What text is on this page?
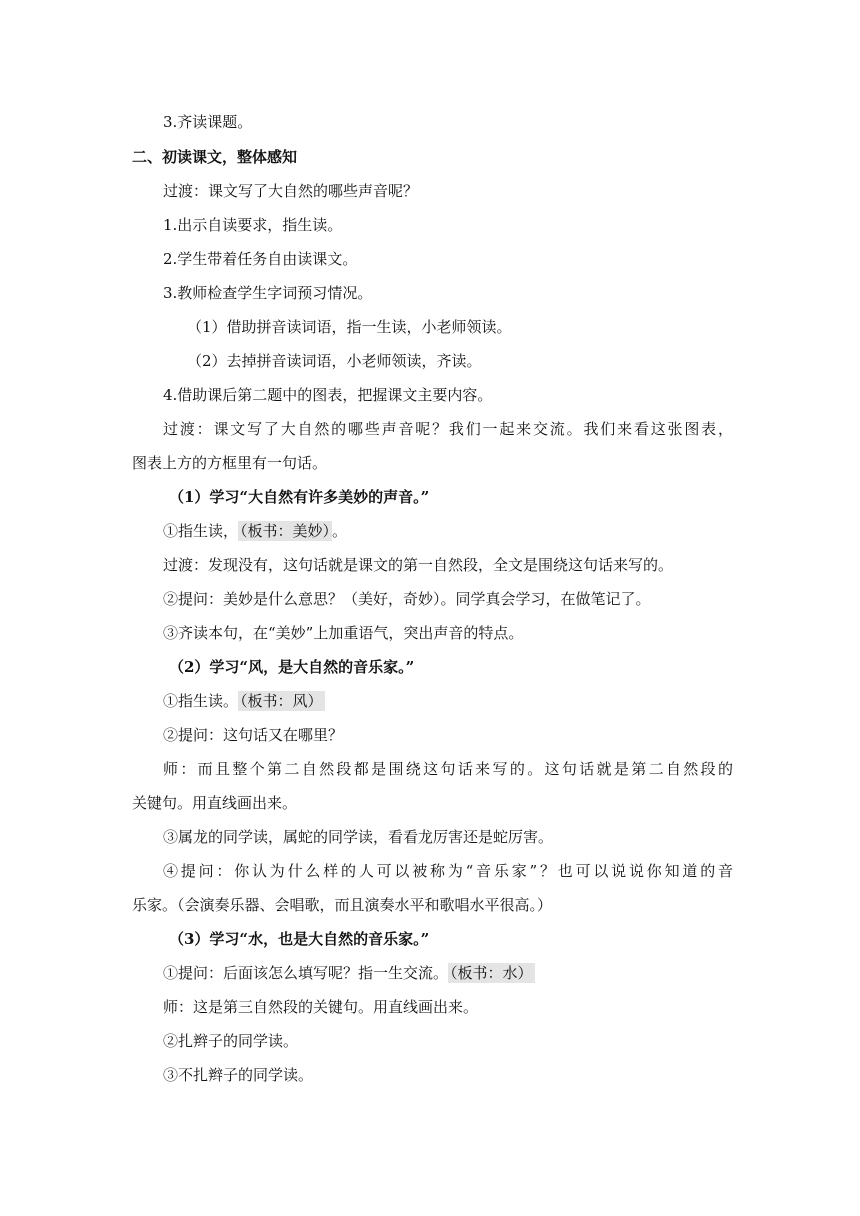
3.齐读课题。
二、初读课文，整体感知
过渡：课文写了大自然的哪些声音呢？
1.出示自读要求，指生读。
2.学生带着任务自由读课文。
3.教师检查学生字词预习情况。
（1）借助拼音读词语，指一生读，小老师领读。
（2）去掉拼音读词语，小老师领读，齐读。
4.借助课后第二题中的图表，把握课文主要内容。
过渡：课文写了大自然的哪些声音呢？我们一起来交流。我们来看这张图表，
图表上方的方框里有一句话。
（1）学习“大自然有许多美妙的声音。”
①指生读， （板书：美妙） 。
过渡：发现没有，这句话就是课文的第一自然段，全文是围绕这句话来写的。
②提问：美妙是什么意思？（美好，奇妙）。同学真会学习，在做笔记了。
③齐读本句，在“美妙”上加重语气，突出声音的特点。
（2）学习“风，是大自然的音乐家。”
①指生读。 （板书：风）
②提问：这句话又在哪里？
师：而且整个第二自然段都是围绕这句话来写的。这句话就是第二自然段的
关键句。用直线画出来。
③属龙的同学读，属蛇的同学读，看看龙厉害还是蛇厉害。
④提问：你认为什么样的人可以被称为“音乐家”？也可以说说你知道的音
乐家。（会演奏乐器、会唱歌，而且演奏水平和歌唱水平很高。）
（3）学习“水，也是大自然的音乐家。”
①提问：后面该怎么填写呢？指一生交流。 （板书：水）
师：这是第三自然段的关键句。用直线画出来。
②扎辫子的同学读。
③不扎辫子的同学读。
